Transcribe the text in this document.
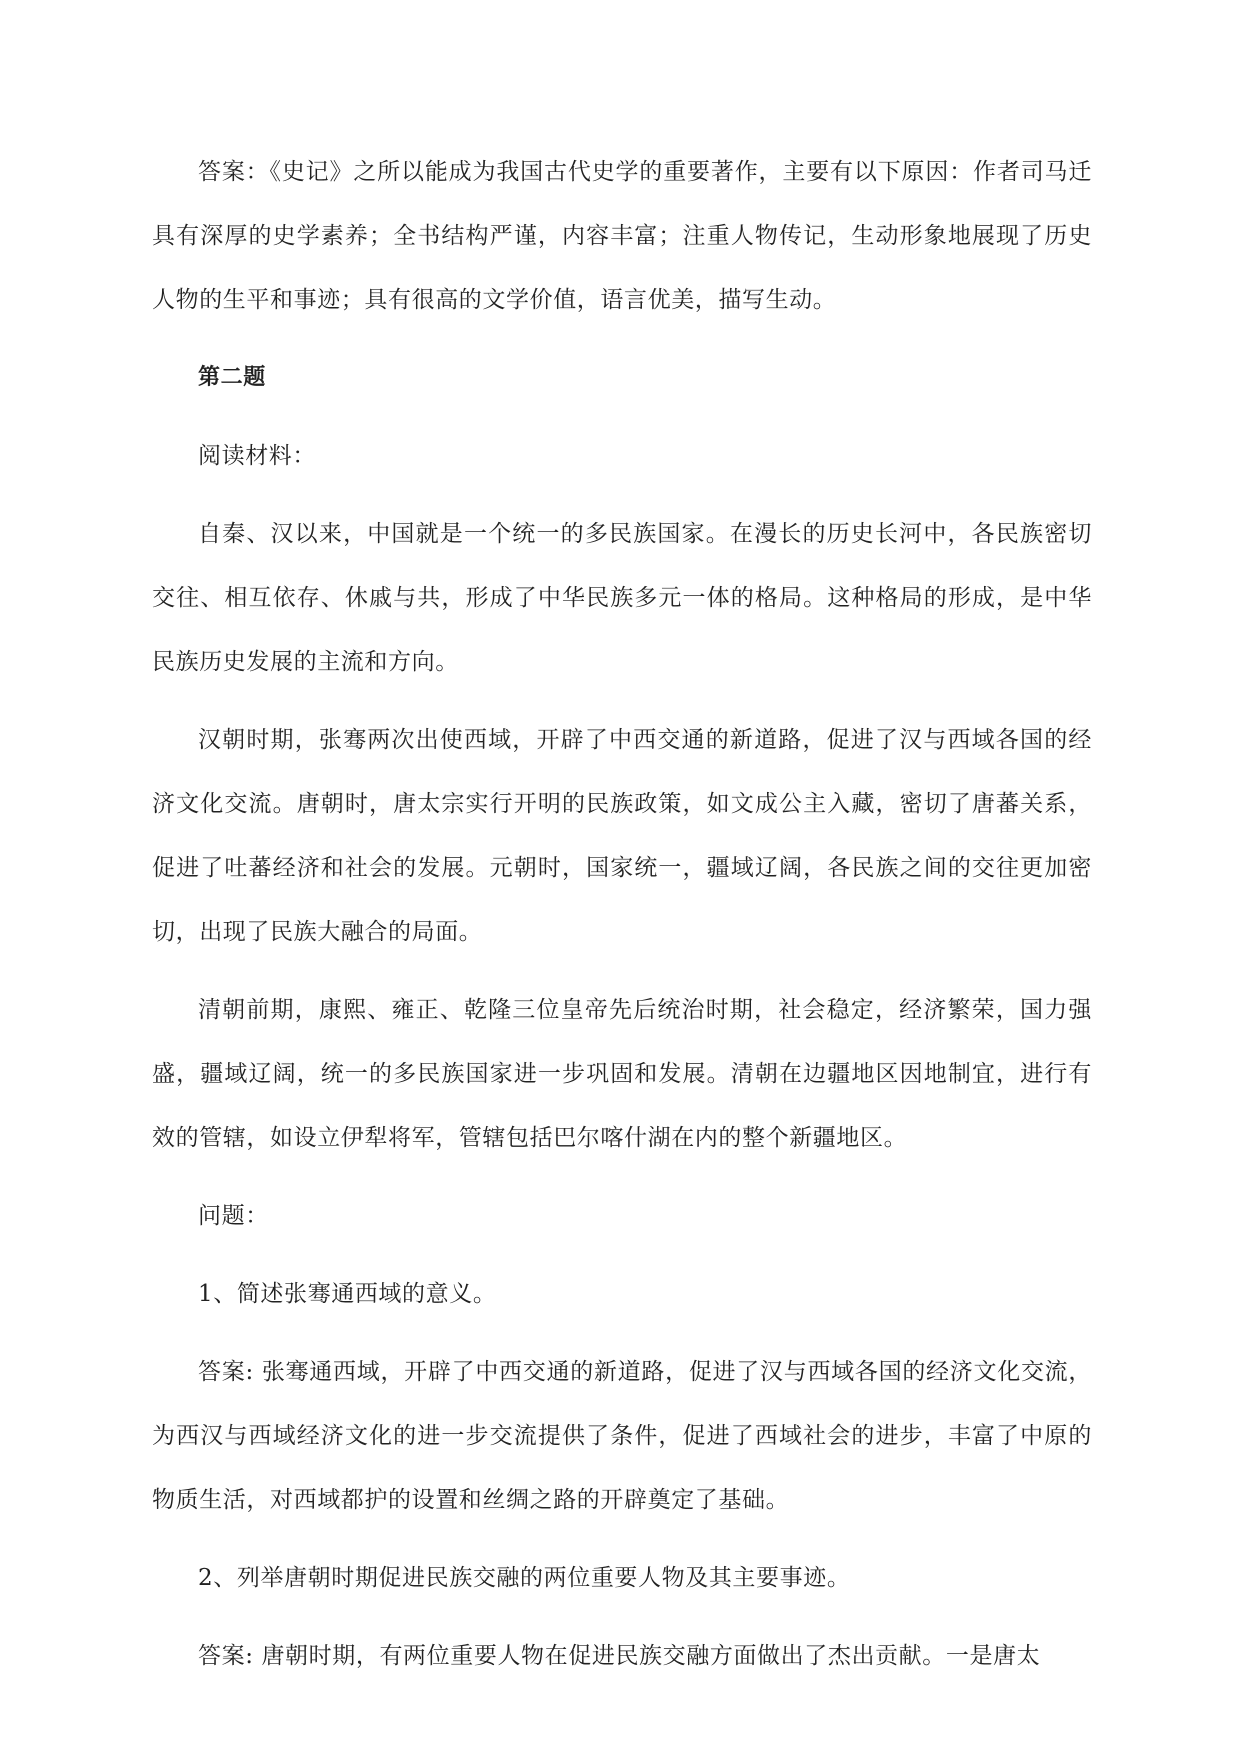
答案：《史记》之所以能成为我国古代史学的重要著作，主要有以下原因：作者司马迁具有深厚的史学素养；全书结构严谨，内容丰富；注重人物传记，生动形象地展现了历史人物的生平和事迹；具有很高的文学价值，语言优美，描写生动。

第二题

阅读材料：

自秦、汉以来，中国就是一个统一的多民族国家。在漫长的历史长河中，各民族密切交往、相互依存、休戚与共，形成了中华民族多元一体的格局。这种格局的形成，是中华民族历史发展的主流和方向。

汉朝时期，张骞两次出使西域，开辟了中西交通的新道路，促进了汉与西域各国的经济文化交流。唐朝时，唐太宗实行开明的民族政策，如文成公主入藏，密切了唐蕃关系，促进了吐蕃经济和社会的发展。元朝时，国家统一，疆域辽阔，各民族之间的交往更加密切，出现了民族大融合的局面。

清朝前期，康熙、雍正、乾隆三位皇帝先后统治时期，社会稳定，经济繁荣，国力强盛，疆域辽阔，统一的多民族国家进一步巩固和发展。清朝在边疆地区因地制宜，进行有效的管辖，如设立伊犁将军，管辖包括巴尔喀什湖在内的整个新疆地区。

问题：

1、简述张骞通西域的意义。

答案: 张骞通西域，开辟了中西交通的新道路，促进了汉与西域各国的经济文化交流，为西汉与西域经济文化的进一步交流提供了条件，促进了西域社会的进步，丰富了中原的物质生活，对西域都护的设置和丝绸之路的开辟奠定了基础。

2、列举唐朝时期促进民族交融的两位重要人物及其主要事迹。

答案: 唐朝时期，有两位重要人物在促进民族交融方面做出了杰出贡献。一是唐太
